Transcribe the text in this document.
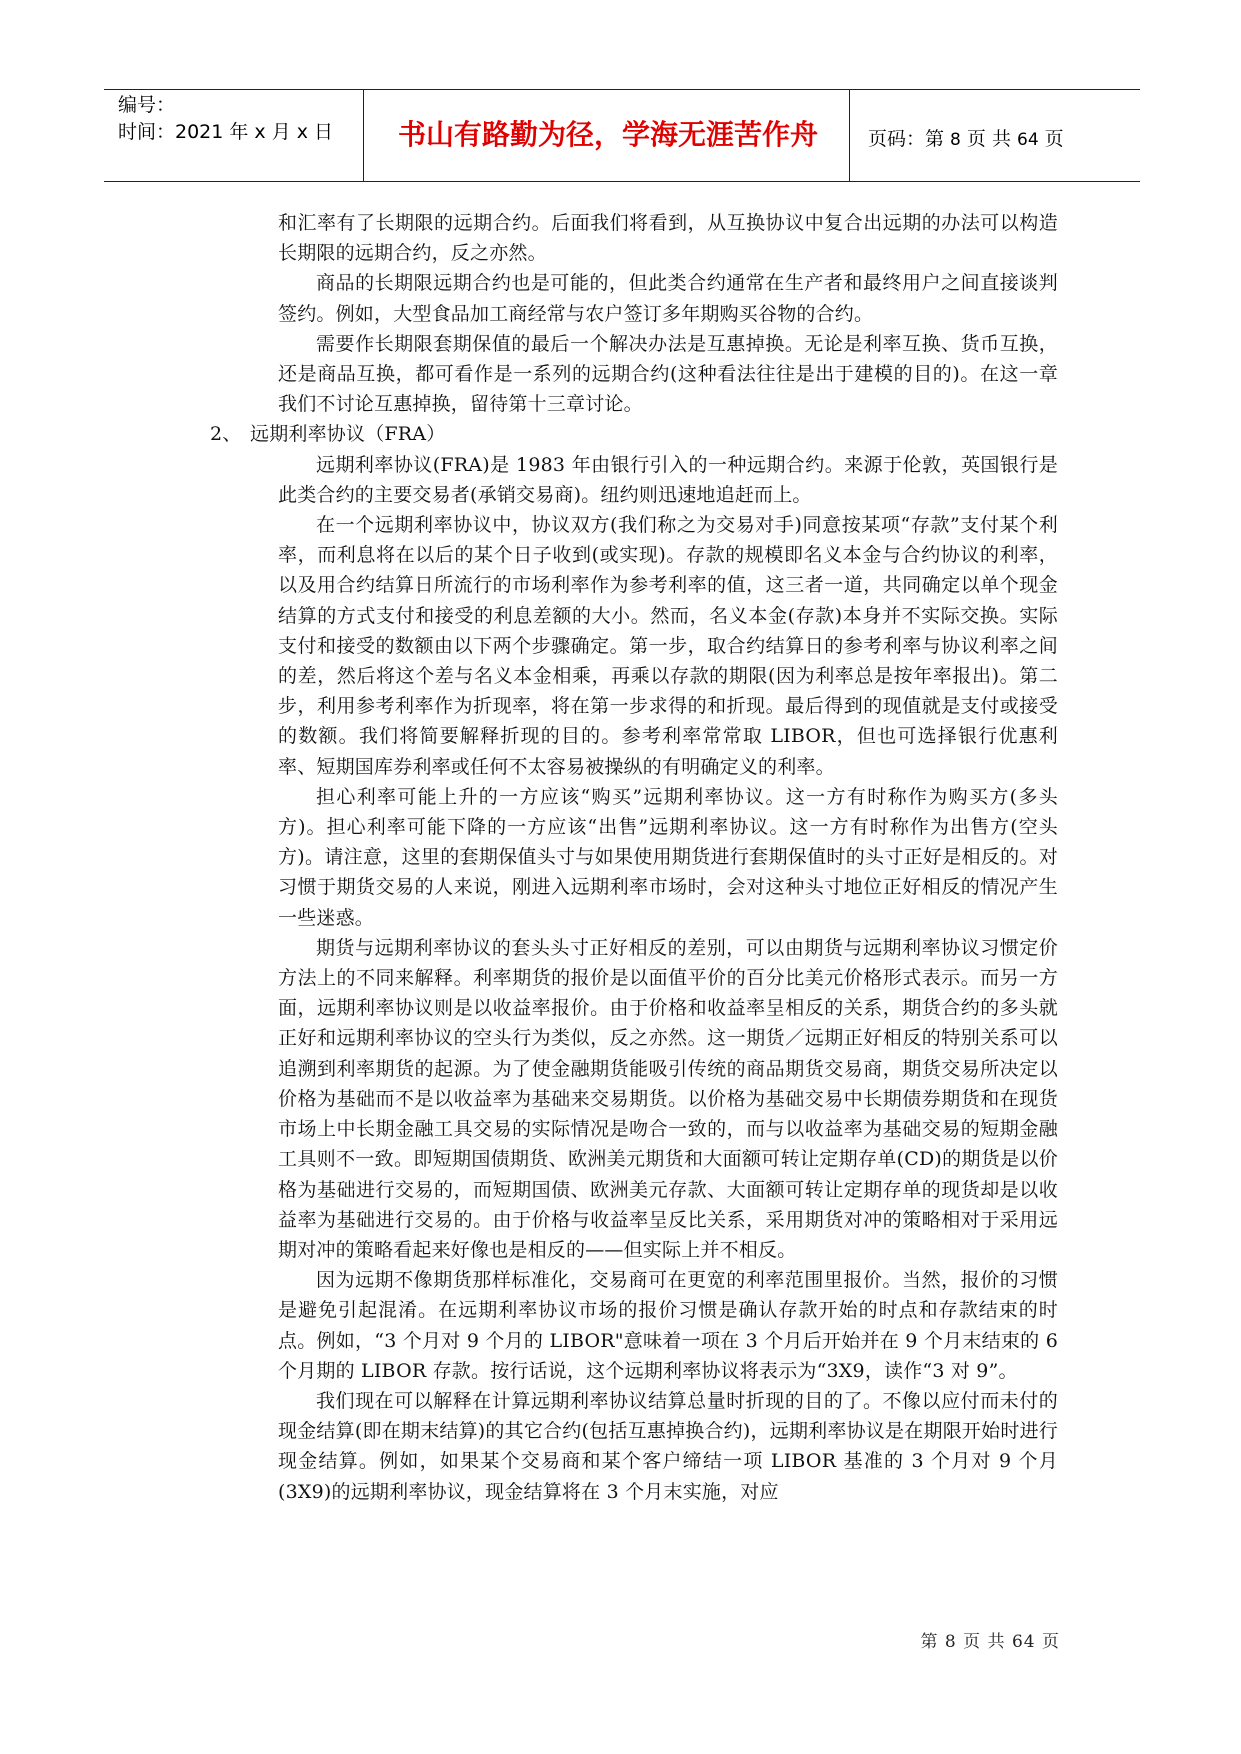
编号：
时间：2021 年 x 月 x 日	书山有路勤为径，学海无涯苦作舟	页码：第 8 页 共 64 页

和汇率有了长期限的远期合约。后面我们将看到，从互换协议中复合出远期的办法可以构造长期限的远期合约，反之亦然。

商品的长期限远期合约也是可能的，但此类合约通常在生产者和最终用户之间直接谈判签约。例如，大型食品加工商经常与农户签订多年期购买谷物的合约。

需要作长期限套期保值的最后一个解决办法是互惠掉换。无论是利率互换、货币互换，还是商品互换，都可看作是一系列的远期合约(这种看法往往是出于建模的目的)。在这一章我们不讨论互惠掉换，留待第十三章讨论。

2、 远期利率协议（FRA）

远期利率协议(FRA)是 1983 年由银行引入的一种远期合约。来源于伦敦，英国银行是此类合约的主要交易者(承销交易商)。纽约则迅速地追赶而上。

在一个远期利率协议中，协议双方(我们称之为交易对手)同意按某项“存款”支付某个利率，而利息将在以后的某个日子收到(或实现)。存款的规模即名义本金与合约协议的利率，以及用合约结算日所流行的市场利率作为参考利率的值，这三者一道，共同确定以单个现金结算的方式支付和接受的利息差额的大小。然而，名义本金(存款)本身并不实际交换。实际支付和接受的数额由以下两个步骤确定。第一步，取合约结算日的参考利率与协议利率之间的差，然后将这个差与名义本金相乘，再乘以存款的期限(因为利率总是按年率报出)。第二步，利用参考利率作为折现率，将在第一步求得的和折现。最后得到的现值就是支付或接受的数额。我们将简要解释折现的目的。参考利率常常取 LIBOR，但也可选择银行优惠利率、短期国库券利率或任何不太容易被操纵的有明确定义的利率。

担心利率可能上升的一方应该“购买”远期利率协议。这一方有时称作为购买方(多头方)。担心利率可能下降的一方应该“出售”远期利率协议。这一方有时称作为出售方(空头方)。请注意，这里的套期保值头寸与如果使用期货进行套期保值时的头寸正好是相反的。对习惯于期货交易的人来说，刚进入远期利率市场时，会对这种头寸地位正好相反的情况产生一些迷惑。

期货与远期利率协议的套头头寸正好相反的差别，可以由期货与远期利率协议习惯定价方法上的不同来解释。利率期货的报价是以面值平价的百分比美元价格形式表示。而另一方面，远期利率协议则是以收益率报价。由于价格和收益率呈相反的关系，期货合约的多头就正好和远期利率协议的空头行为类似，反之亦然。这一期货／远期正好相反的特别关系可以追溯到利率期货的起源。为了使金融期货能吸引传统的商品期货交易商，期货交易所决定以价格为基础而不是以收益率为基础来交易期货。以价格为基础交易中长期债券期货和在现货市场上中长期金融工具交易的实际情况是吻合一致的，而与以收益率为基础交易的短期金融工具则不一致。即短期国债期货、欧洲美元期货和大面额可转让定期存单(CD)的期货是以价格为基础进行交易的，而短期国债、欧洲美元存款、大面额可转让定期存单的现货却是以收益率为基础进行交易的。由于价格与收益率呈反比关系，采用期货对冲的策略相对于采用远期对冲的策略看起来好像也是相反的——但实际上并不相反。

因为远期不像期货那样标准化，交易商可在更宽的利率范围里报价。当然，报价的习惯是避免引起混淆。在远期利率协议市场的报价习惯是确认存款开始的时点和存款结束的时点。例如，“3 个月对 9 个月的 LIBOR"意味着一项在 3 个月后开始并在 9 个月末结束的 6 个月期的 LIBOR 存款。按行话说，这个远期利率协议将表示为“3X9，读作“3 对 9”。

我们现在可以解释在计算远期利率协议结算总量时折现的目的了。不像以应付而未付的现金结算(即在期末结算)的其它合约(包括互惠掉换合约)，远期利率协议是在期限开始时进行现金结算。例如，如果某个交易商和某个客户缔结一项 LIBOR 基准的 3 个月对 9 个月(3X9)的远期利率协议，现金结算将在 3 个月末实施，对应

第 8 页 共 64 页
